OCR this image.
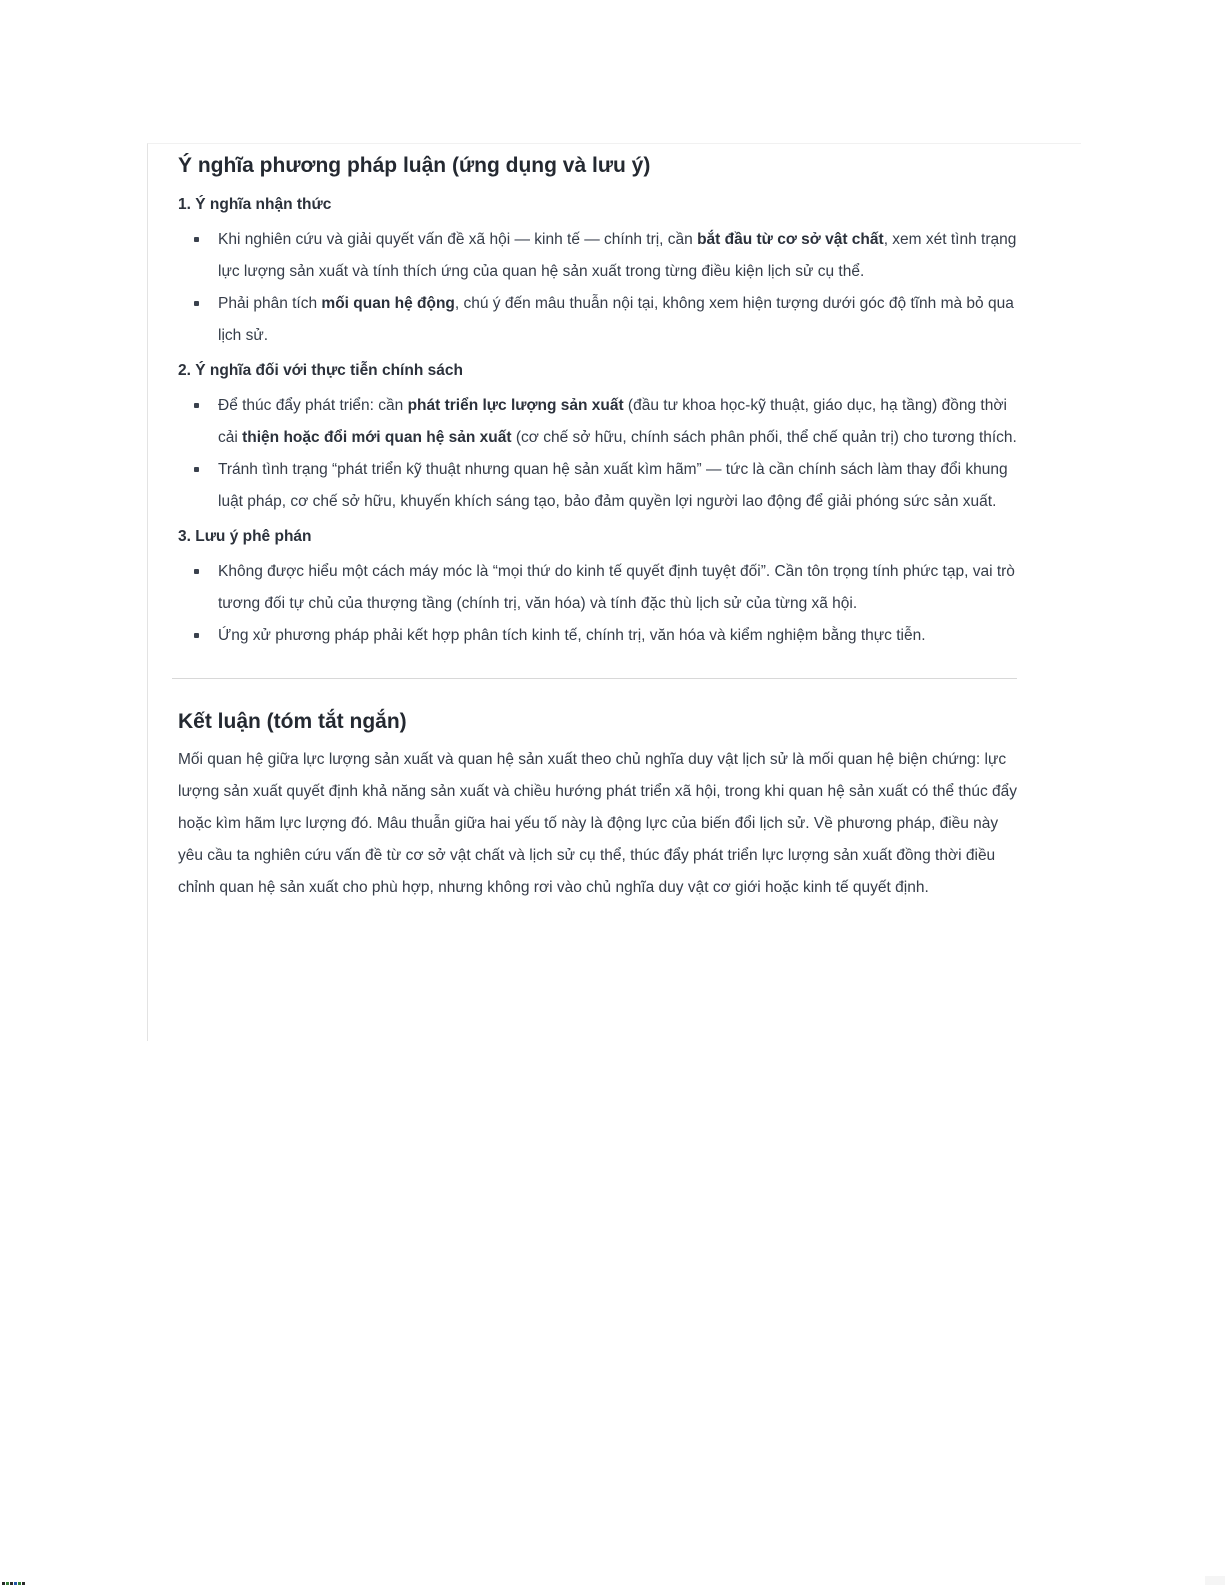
Ý nghĩa phương pháp luận (ứng dụng và lưu ý)

1. Ý nghĩa nhận thức

Khi nghiên cứu và giải quyết vấn đề xã hội — kinh tế — chính trị, cần bắt đầu từ cơ sở vật chất, xem xét tình trạng lực lượng sản xuất và tính thích ứng của quan hệ sản xuất trong từng điều kiện lịch sử cụ thể.
Phải phân tích mối quan hệ động, chú ý đến mâu thuẫn nội tại, không xem hiện tượng dưới góc độ tĩnh mà bỏ qua lịch sử.

2. Ý nghĩa đối với thực tiễn chính sách

Để thúc đẩy phát triển: cần phát triển lực lượng sản xuất (đầu tư khoa học-kỹ thuật, giáo dục, hạ tầng) đồng thời cải thiện hoặc đổi mới quan hệ sản xuất (cơ chế sở hữu, chính sách phân phối, thể chế quản trị) cho tương thích.
Tránh tình trạng “phát triển kỹ thuật nhưng quan hệ sản xuất kìm hãm” — tức là cần chính sách làm thay đổi khung luật pháp, cơ chế sở hữu, khuyến khích sáng tạo, bảo đảm quyền lợi người lao động để giải phóng sức sản xuất.

3. Lưu ý phê phán

Không được hiểu một cách máy móc là “mọi thứ do kinh tế quyết định tuyệt đối”. Cần tôn trọng tính phức tạp, vai trò tương đối tự chủ của thượng tầng (chính trị, văn hóa) và tính đặc thù lịch sử của từng xã hội.
Ứng xử phương pháp phải kết hợp phân tích kinh tế, chính trị, văn hóa và kiểm nghiệm bằng thực tiễn.
Kết luận (tóm tắt ngắn)

Mối quan hệ giữa lực lượng sản xuất và quan hệ sản xuất theo chủ nghĩa duy vật lịch sử là mối quan hệ biện chứng: lực lượng sản xuất quyết định khả năng sản xuất và chiều hướng phát triển xã hội, trong khi quan hệ sản xuất có thể thúc đẩy hoặc kìm hãm lực lượng đó. Mâu thuẫn giữa hai yếu tố này là động lực của biến đổi lịch sử. Về phương pháp, điều này yêu cầu ta nghiên cứu vấn đề từ cơ sở vật chất và lịch sử cụ thể, thúc đẩy phát triển lực lượng sản xuất đồng thời điều chỉnh quan hệ sản xuất cho phù hợp, nhưng không rơi vào chủ nghĩa duy vật cơ giới hoặc kinh tế quyết định.
